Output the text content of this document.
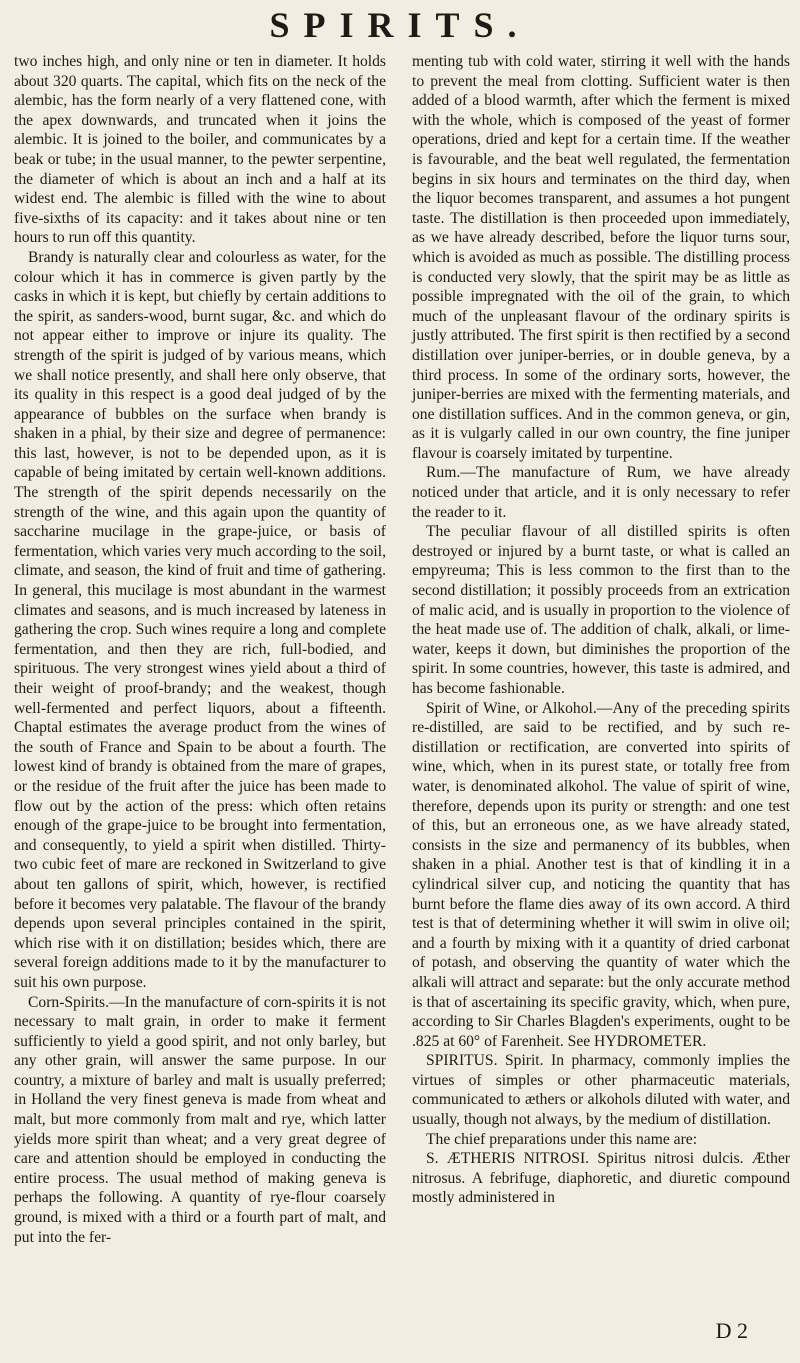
SPIRITS.

two inches high, and only nine or ten in diameter. It holds about 320 quarts. The capital, which fits on the neck of the alembic, has the form nearly of a very flattened cone, with the apex downwards, and truncated when it joins the alembic. It is joined to the boiler, and communicates by a beak or tube; in the usual manner, to the pewter serpentine, the diameter of which is about an inch and a half at its widest end. The alembic is filled with the wine to about five-sixths of its capacity: and it takes about nine or ten hours to run off this quantity.

Brandy is naturally clear and colourless as water, for the colour which it has in commerce is given partly by the casks in which it is kept, but chiefly by certain additions to the spirit, as sanders-wood, burnt sugar, &c. and which do not appear either to improve or injure its quality. The strength of the spirit is judged of by various means, which we shall notice presently, and shall here only observe, that its quality in this respect is a good deal judged of by the appearance of bubbles on the surface when brandy is shaken in a phial, by their size and degree of permanence: this last, however, is not to be depended upon, as it is capable of being imitated by certain well-known additions. The strength of the spirit depends necessarily on the strength of the wine, and this again upon the quantity of saccharine mucilage in the grape-juice, or basis of fermentation, which varies very much according to the soil, climate, and season, the kind of fruit and time of gathering. In general, this mucilage is most abundant in the warmest climates and seasons, and is much increased by lateness in gathering the crop. Such wines require a long and complete fermentation, and then they are rich, full-bodied, and spirituous. The very strongest wines yield about a third of their weight of proof-brandy; and the weakest, though well-fermented and perfect liquors, about a fifteenth. Chaptal estimates the average product from the wines of the south of France and Spain to be about a fourth. The lowest kind of brandy is obtained from the mare of grapes, or the residue of the fruit after the juice has been made to flow out by the action of the press: which often retains enough of the grape-juice to be brought into fermentation, and consequently, to yield a spirit when distilled. Thirty-two cubic feet of mare are reckoned in Switzerland to give about ten gallons of spirit, which, however, is rectified before it becomes very palatable. The flavour of the brandy depends upon several principles contained in the spirit, which rise with it on distillation; besides which, there are several foreign additions made to it by the manufacturer to suit his own purpose.

Corn-Spirits.—In the manufacture of corn-spirits it is not necessary to malt grain, in order to make it ferment sufficiently to yield a good spirit, and not only barley, but any other grain, will answer the same purpose. In our country, a mixture of barley and malt is usually preferred; in Holland the very finest geneva is made from wheat and malt, but more commonly from malt and rye, which latter yields more spirit than wheat; and a very great degree of care and attention should be employed in conducting the entire process. The usual method of making geneva is perhaps the following. A quantity of rye-flour coarsely ground, is mixed with a third or a fourth part of malt, and put into the fer-

menting tub with cold water, stirring it well with the hands to prevent the meal from clotting. Sufficient water is then added of a blood warmth, after which the ferment is mixed with the whole, which is composed of the yeast of former operations, dried and kept for a certain time. If the weather is favourable, and the beat well regulated, the fermentation begins in six hours and terminates on the third day, when the liquor becomes transparent, and assumes a hot pungent taste. The distillation is then proceeded upon immediately, as we have already described, before the liquor turns sour, which is avoided as much as possible. The distilling process is conducted very slowly, that the spirit may be as little as possible impregnated with the oil of the grain, to which much of the unpleasant flavour of the ordinary spirits is justly attributed. The first spirit is then rectified by a second distillation over juniper-berries, or in double geneva, by a third process. In some of the ordinary sorts, however, the juniper-berries are mixed with the fermenting materials, and one distillation suffices. And in the common geneva, or gin, as it is vulgarly called in our own country, the fine juniper flavour is coarsely imitated by turpentine.

Rum.—The manufacture of Rum, we have already noticed under that article, and it is only necessary to refer the reader to it.

The peculiar flavour of all distilled spirits is often destroyed or injured by a burnt taste, or what is called an empyreuma; This is less common to the first than to the second distillation; it possibly proceeds from an extrication of malic acid, and is usually in proportion to the violence of the heat made use of. The addition of chalk, alkali, or lime-water, keeps it down, but diminishes the proportion of the spirit. In some countries, however, this taste is admired, and has become fashionable.

Spirit of Wine, or Alkohol.—Any of the preceding spirits re-distilled, are said to be rectified, and by such re-distillation or rectification, are converted into spirits of wine, which, when in its purest state, or totally free from water, is denominated alkohol. The value of spirit of wine, therefore, depends upon its purity or strength: and one test of this, but an erroneous one, as we have already stated, consists in the size and permanency of its bubbles, when shaken in a phial. Another test is that of kindling it in a cylindrical silver cup, and noticing the quantity that has burnt before the flame dies away of its own accord. A third test is that of determining whether it will swim in olive oil; and a fourth by mixing with it a quantity of dried carbonat of potash, and observing the quantity of water which the alkali will attract and separate: but the only accurate method is that of ascertaining its specific gravity, which, when pure, according to Sir Charles Blagden's experiments, ought to be .825 at 60° of Farenheit. See HYDROMETER.

SPIRITUS. Spirit. In pharmacy, commonly implies the virtues of simples or other pharmaceutic materials, communicated to æthers or alkohols diluted with water, and usually, though not always, by the medium of distillation.

The chief preparations under this name are:

S. ÆTHERIS NITROSI. Spiritus nitrosi dulcis. Æther nitrosus. A febrifuge, diaphoretic, and diuretic compound mostly administered in

D 2
